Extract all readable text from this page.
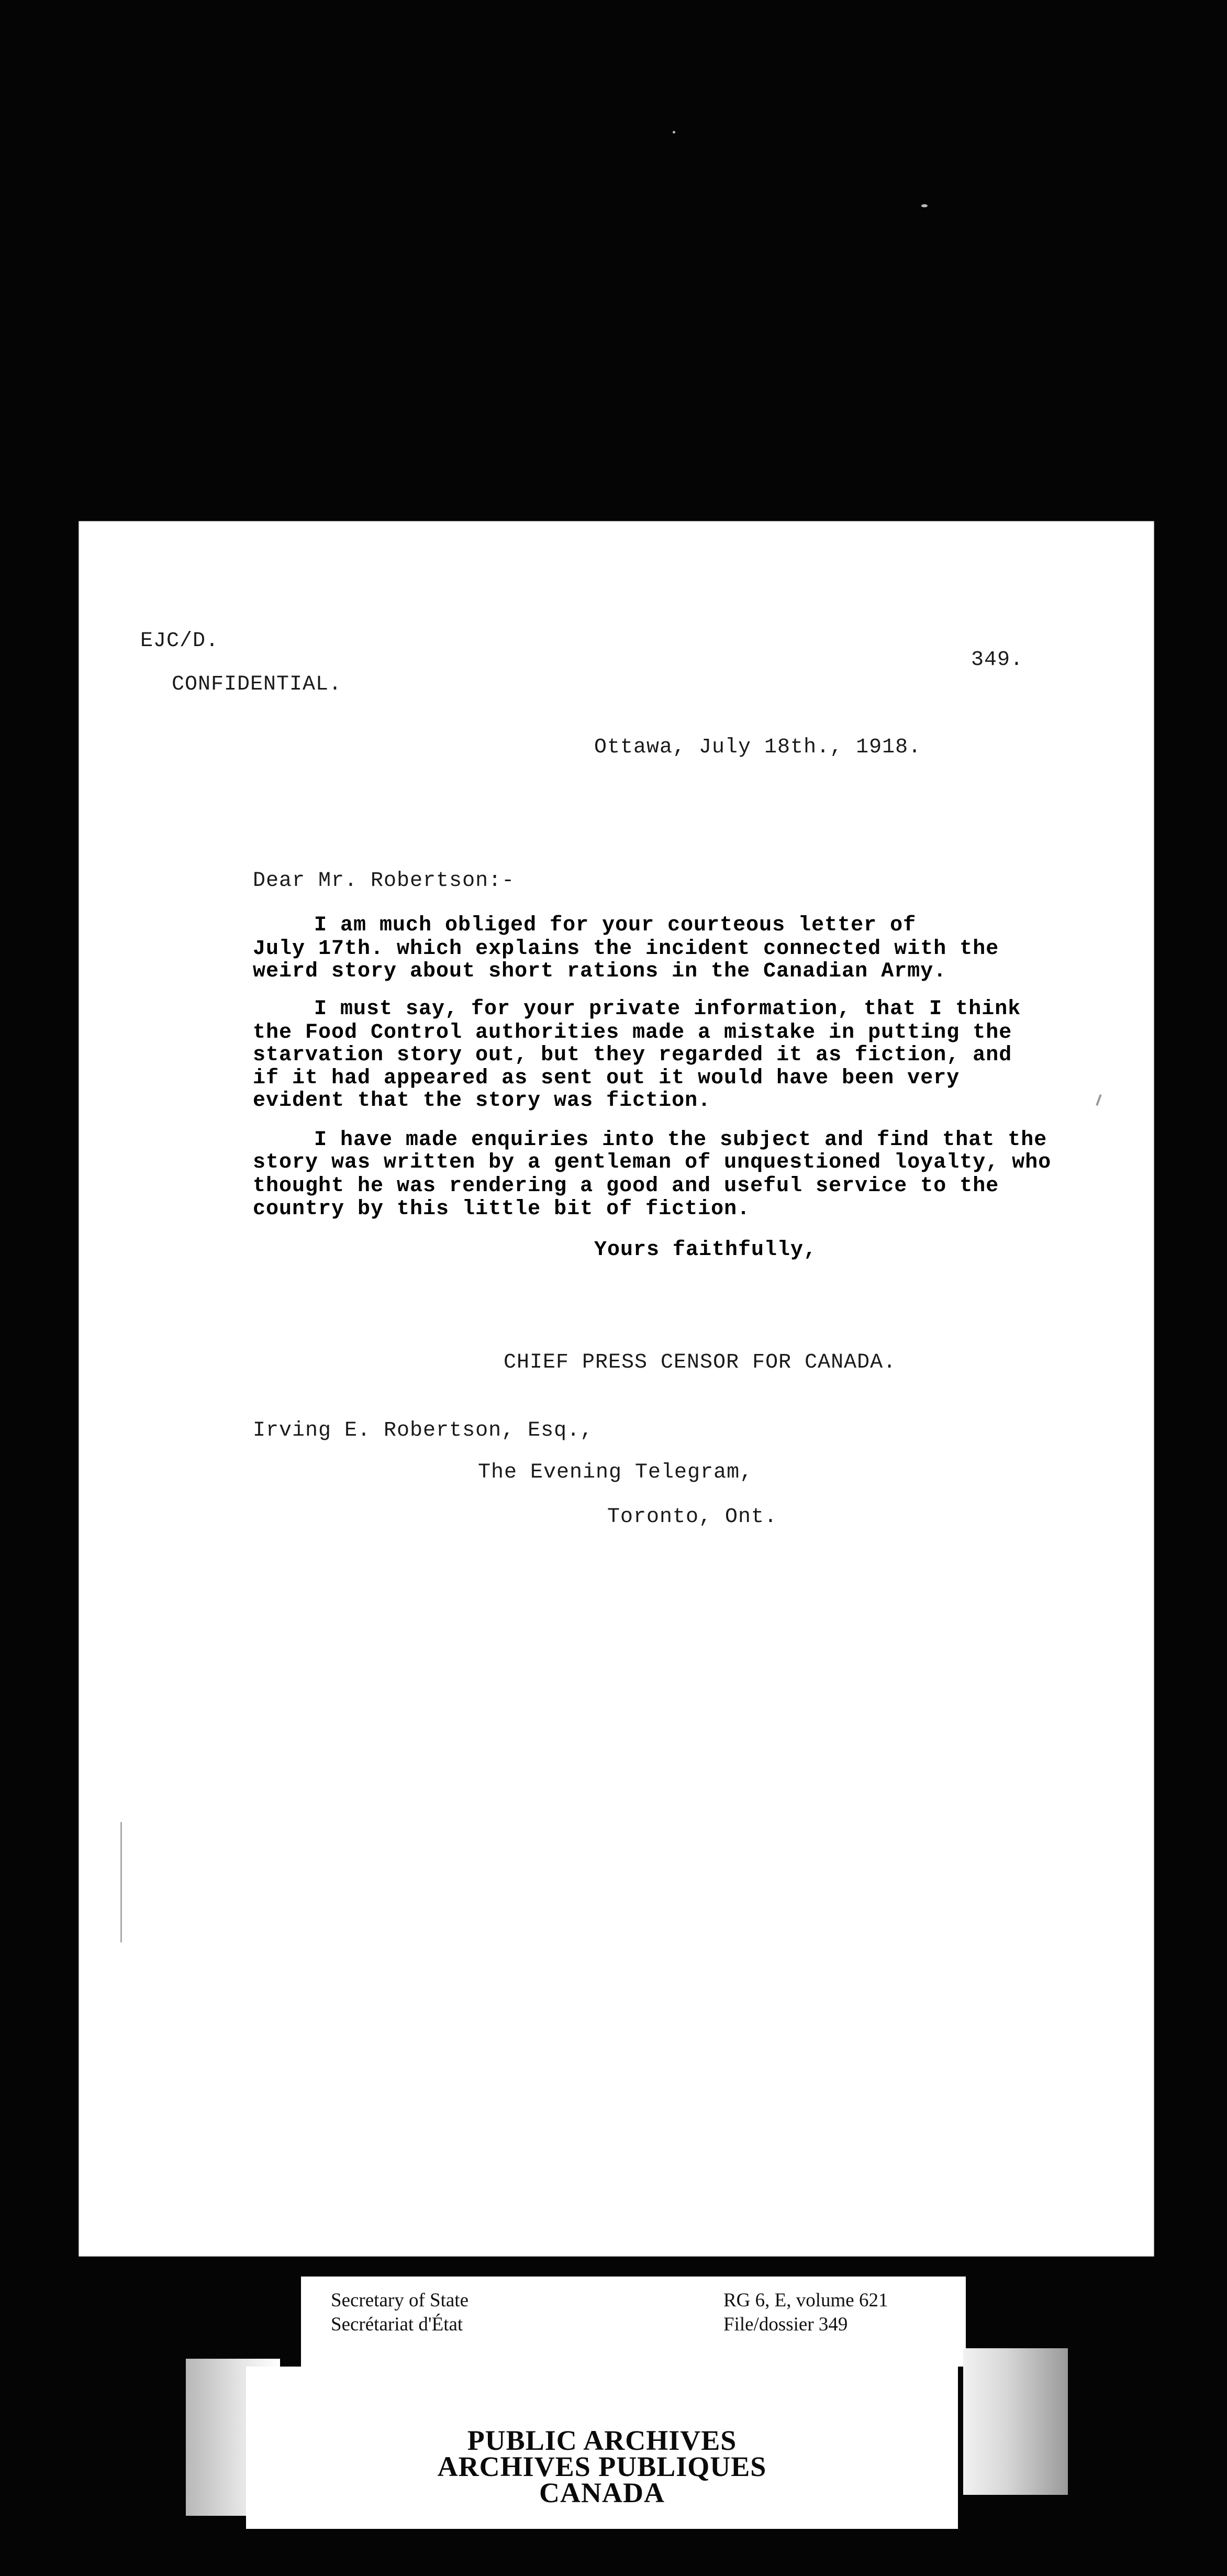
EJC/D.
CONFIDENTIAL.
349.
Ottawa, July 18th., 1918.
Dear Mr. Robertson:-
I am much obliged for your courteous letter of
July 17th. which explains the incident connected with the
weird story about short rations in the Canadian Army.
I must say, for your private information, that I think
the Food Control authorities made a mistake in putting the
starvation story out, but they regarded it as fiction, and
if it had appeared as sent out it would have been very
evident that the story was fiction.
I have made enquiries into the subject and find that the
story was written by a gentleman of unquestioned loyalty, who
thought he was rendering a good and useful service to the
country by this little bit of fiction.
Yours faithfully,
CHIEF PRESS CENSOR FOR CANADA.
Irving E. Robertson, Esq.,
The Evening Telegram,
Toronto, Ont.
Secretary of State
Secrétariat d'État
RG 6, E, volume 621
File/dossier 349
PUBLIC ARCHIVES
ARCHIVES PUBLIQUES
CANADA
